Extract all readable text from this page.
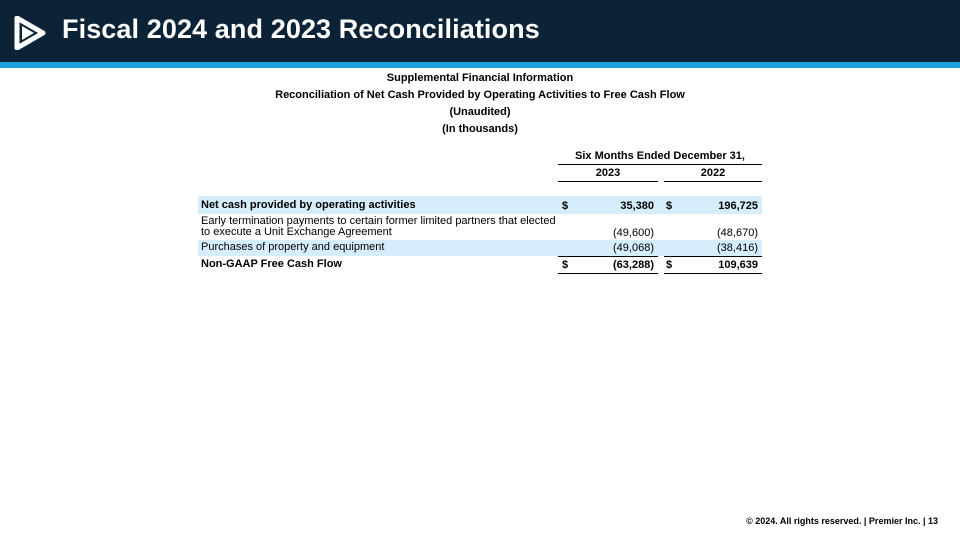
Fiscal 2024 and 2023 Reconciliations
Supplemental Financial Information
Reconciliation of Net Cash Provided by Operating Activities to Free Cash Flow
(Unaudited)
(In thousands)
Six Months Ended December 31,
2023	2022
Net cash provided by operating activities	$	35,380 $	196,725
Early termination payments to certain former limited partners that elected
to execute a Unit Exchange Agreement	(49,600)	(48,670)
Purchases of property and equipment	(49,068)	(38,416)
Non-GAAP Free Cash Flow	$	(63,288) $	109,639
© 2024. All rights reserved. | Premier Inc. | 13
